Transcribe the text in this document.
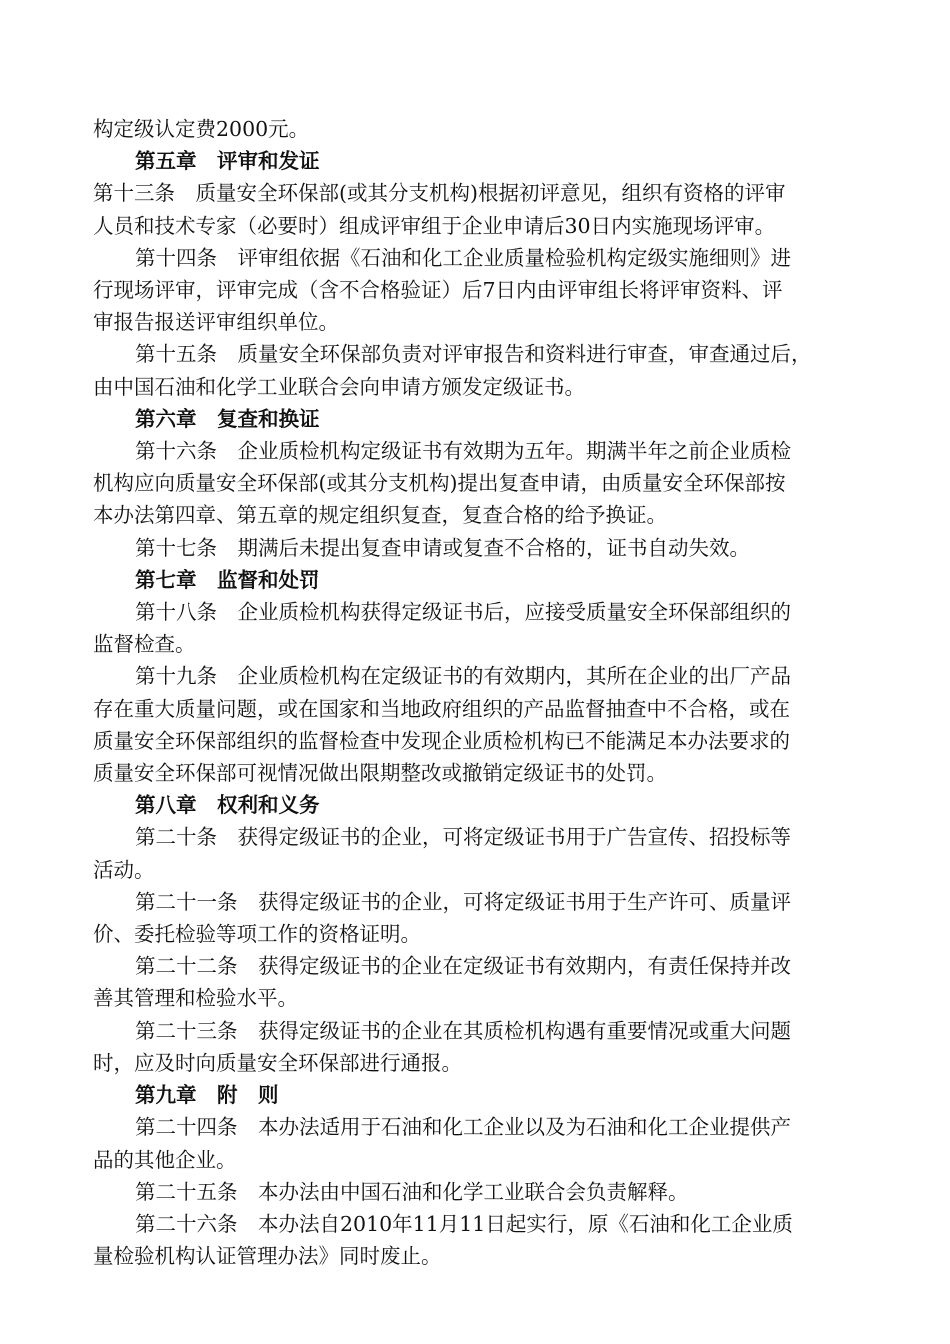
构定级认定费2000元。

第五章　评审和发证

第十三条　质量安全环保部(或其分支机构)根据初评意见，组织有资格的评审

人员和技术专家（必要时）组成评审组于企业申请后30日内实施现场评审。

第十四条　评审组依据《石油和化工企业质量检验机构定级实施细则》进

行现场评审，评审完成（含不合格验证）后7日内由评审组长将评审资料、评

审报告报送评审组织单位。

第十五条　质量安全环保部负责对评审报告和资料进行审查，审查通过后，

由中国石油和化学工业联合会向申请方颁发定级证书。

第六章　复查和换证

第十六条　企业质检机构定级证书有效期为五年。期满半年之前企业质检

机构应向质量安全环保部(或其分支机构)提出复查申请，由质量安全环保部按

本办法第四章、第五章的规定组织复查，复查合格的给予换证。

第十七条　期满后未提出复查申请或复查不合格的，证书自动失效。

第七章　监督和处罚

第十八条　企业质检机构获得定级证书后，应接受质量安全环保部组织的

监督检查。

第十九条　企业质检机构在定级证书的有效期内，其所在企业的出厂产品

存在重大质量问题，或在国家和当地政府组织的产品监督抽查中不合格，或在

质量安全环保部组织的监督检查中发现企业质检机构已不能满足本办法要求的

质量安全环保部可视情况做出限期整改或撤销定级证书的处罚。

第八章　权利和义务

第二十条　获得定级证书的企业，可将定级证书用于广告宣传、招投标等

活动。

第二十一条　获得定级证书的企业，可将定级证书用于生产许可、质量评

价、委托检验等项工作的资格证明。

第二十二条　获得定级证书的企业在定级证书有效期内，有责任保持并改

善其管理和检验水平。

第二十三条　获得定级证书的企业在其质检机构遇有重要情况或重大问题

时，应及时向质量安全环保部进行通报。

第九章　附　则

第二十四条　本办法适用于石油和化工企业以及为石油和化工企业提供产

品的其他企业。

第二十五条　本办法由中国石油和化学工业联合会负责解释。

第二十六条　本办法自2010年11月11日起实行，原《石油和化工企业质

量检验机构认证管理办法》同时废止。
